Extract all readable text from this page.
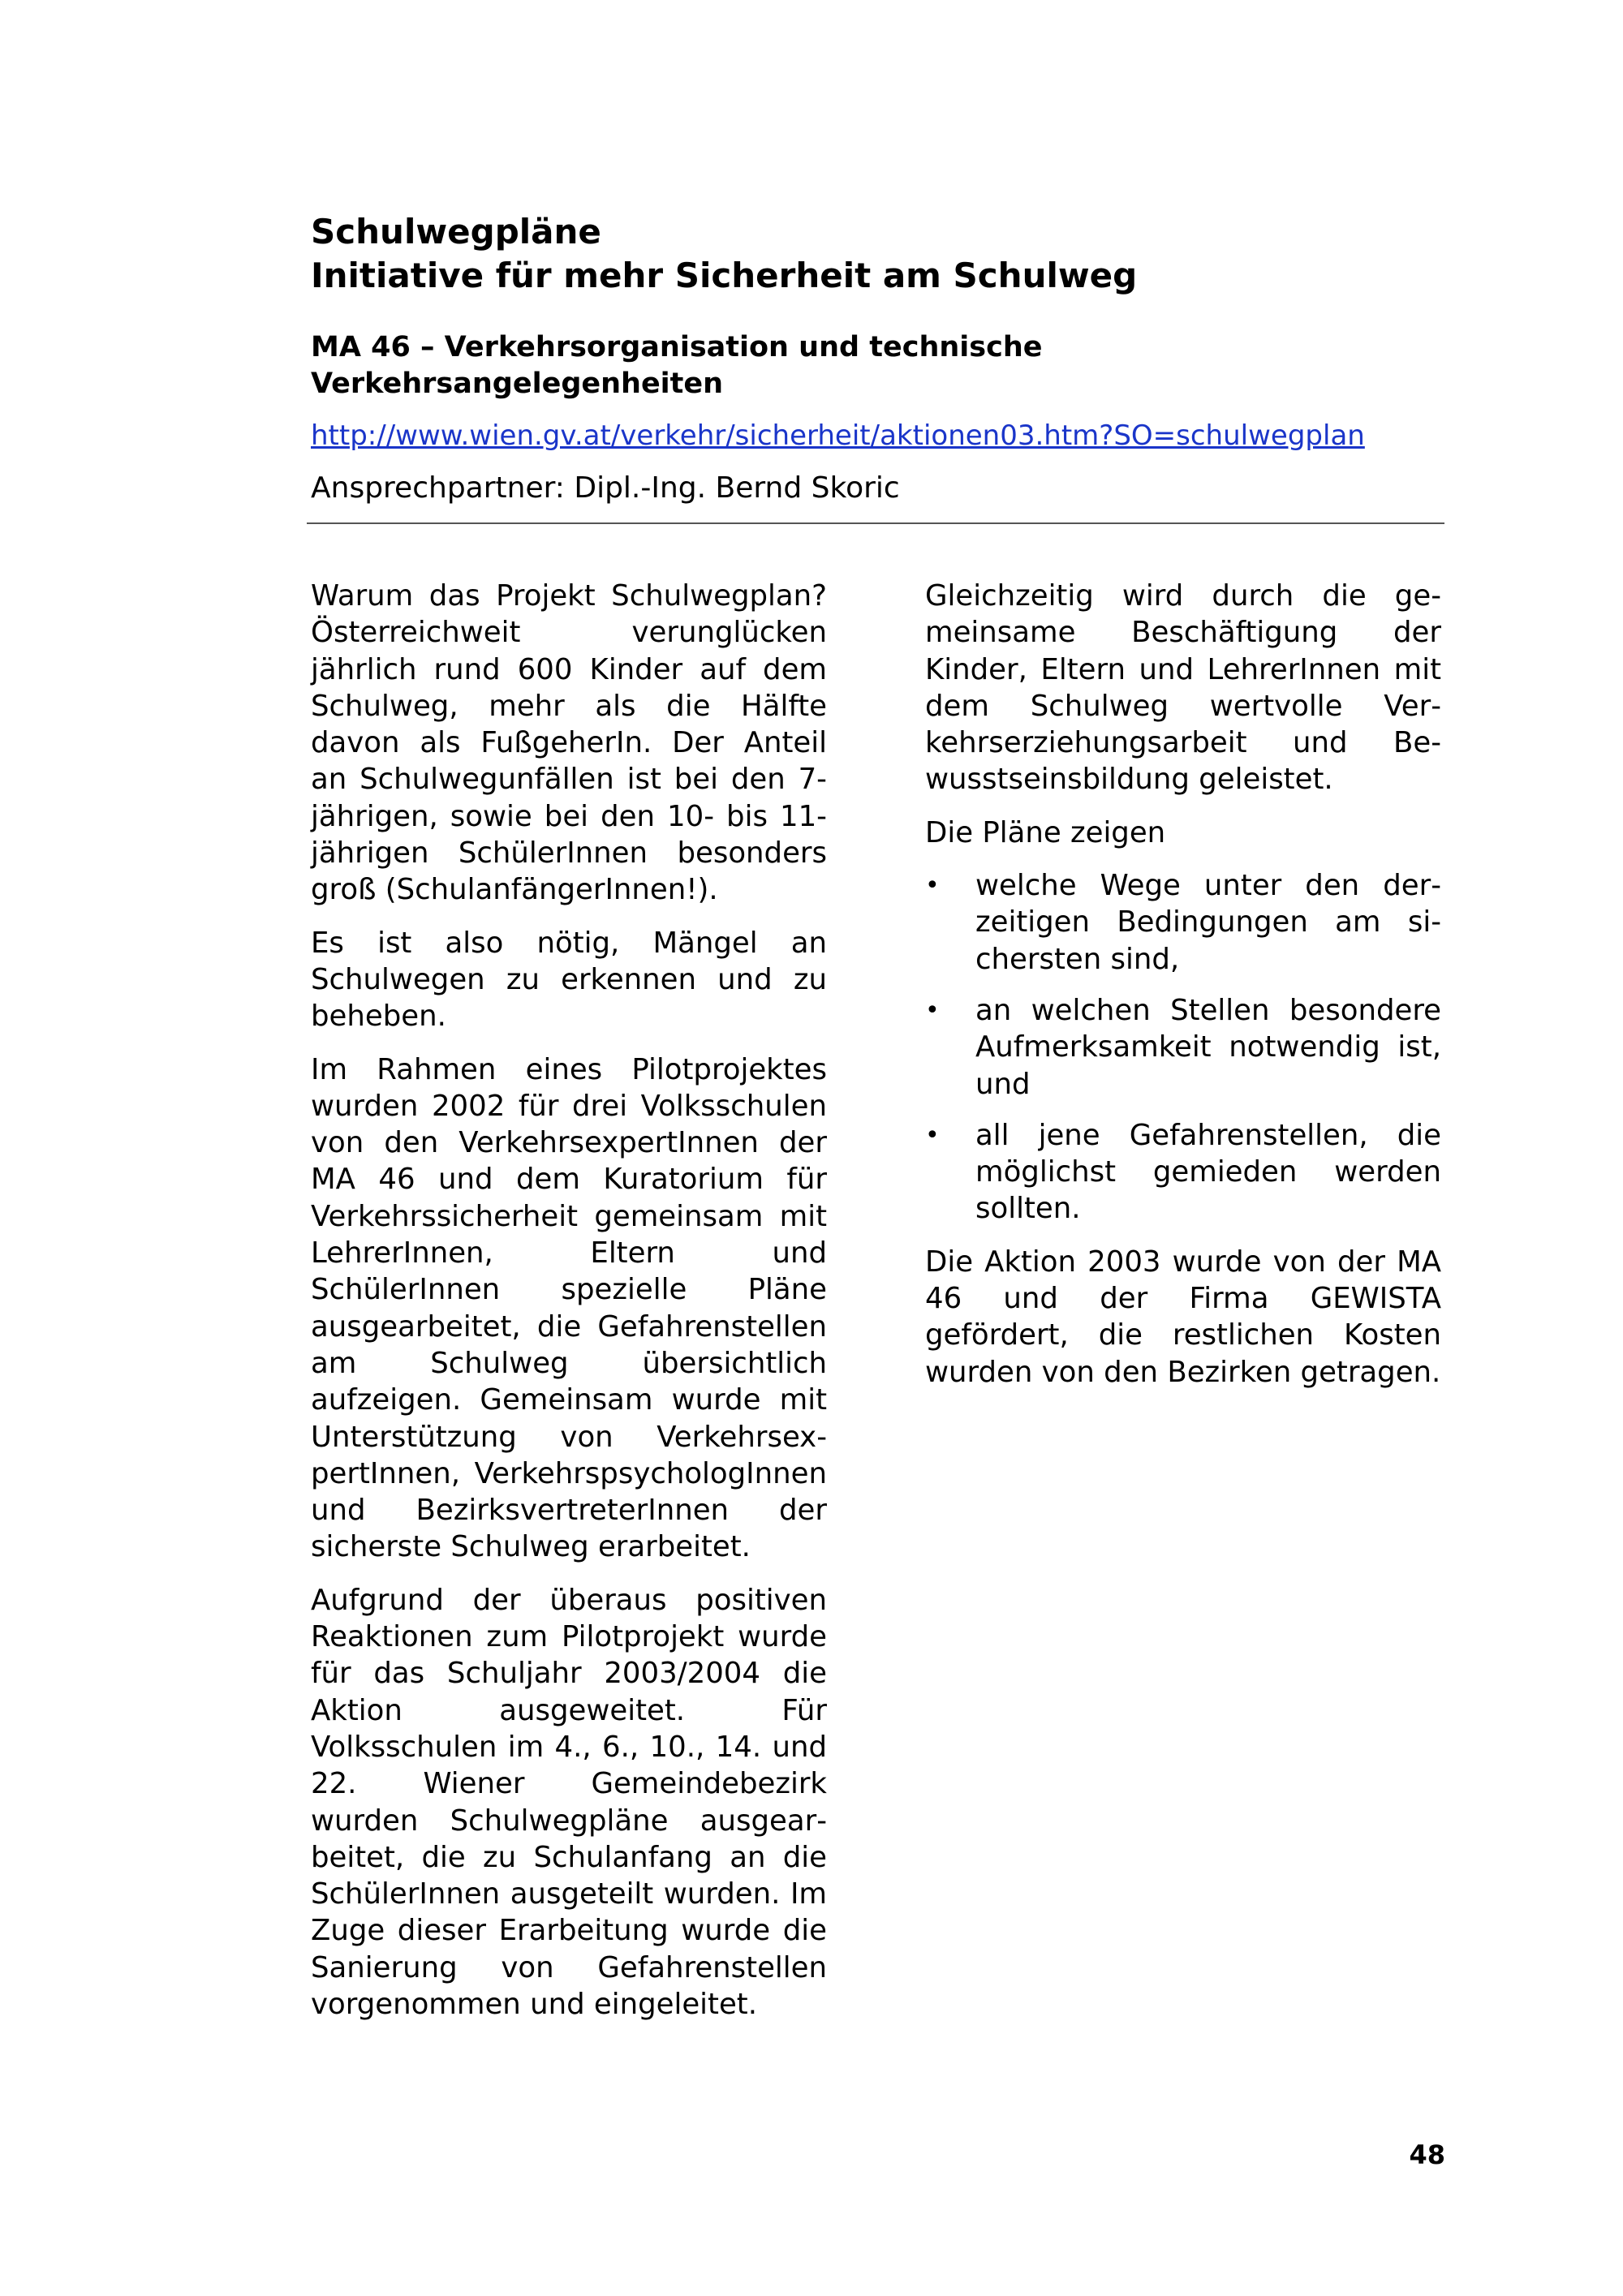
Schulwegpläne
Initiative für mehr Sicherheit am Schulweg
MA 46 – Verkehrsorganisation und technische Verkehrsangelegenheiten
http://www.wien.gv.at/verkehr/sicherheit/aktionen03.htm?SO=schulwegplan

Ansprechpartner: Dipl.-Ing. Bernd Skoric

Warum das Projekt Schulwegplan? Österreichweit verunglücken jährlich rund 600 Kinder auf dem Schulweg, mehr als die Hälfte davon als FußgeherIn. Der Anteil an Schulwegunfällen ist bei den 7-jährigen, sowie bei den 10- bis 11-jährigen SchülerInnen besonders groß (SchulanfängerInnen!).

Es ist also nötig, Mängel an Schulwegen zu erkennen und zu beheben.

Im Rahmen eines Pilotprojektes wurden 2002 für drei Volksschulen von den VerkehrsexpertInnen der MA 46 und dem Kuratorium für Verkehrssicherheit gemeinsam mit LehrerInnen, Eltern und SchülerInnen spezielle Pläne ausgearbeitet, die Gefahrenstellen am Schulweg übersichtlich aufzeigen. Gemeinsam wurde mit Unterstützung von VerkehrsexpertInnen, VerkehrspsychologInnen und BezirksvertreterInnen der sicherste Schulweg erarbeitet.

Aufgrund der überaus positiven Reaktionen zum Pilotprojekt wurde für das Schuljahr 2003/2004 die Aktion ausgeweitet. Für Volksschulen im 4., 6., 10., 14. und 22. Wiener Gemeindebezirk wurden Schulwegpläne ausgearbeitet, die zu Schulanfang an die SchülerInnen ausgeteilt wurden. Im Zuge dieser Erarbeitung wurde die Sanierung von Gefahrenstellen vorgenommen und eingeleitet.

Gleichzeitig wird durch die gemeinsame Beschäftigung der Kinder, Eltern und LehrerInnen mit dem Schulweg wertvolle Verkehrserziehungsarbeit und Bewusstseinsbildung geleistet.

Die Pläne zeigen

•	welche Wege unter den derzeitigen Bedingungen am sichersten sind,
•	an welchen Stellen besondere Aufmerksamkeit notwendig ist, und
•	all jene Gefahrenstellen, die möglichst gemieden werden sollten.

Die Aktion 2003 wurde von der MA 46 und der Firma GEWISTA gefördert, die restlichen Kosten wurden von den Bezirken getragen.

48
